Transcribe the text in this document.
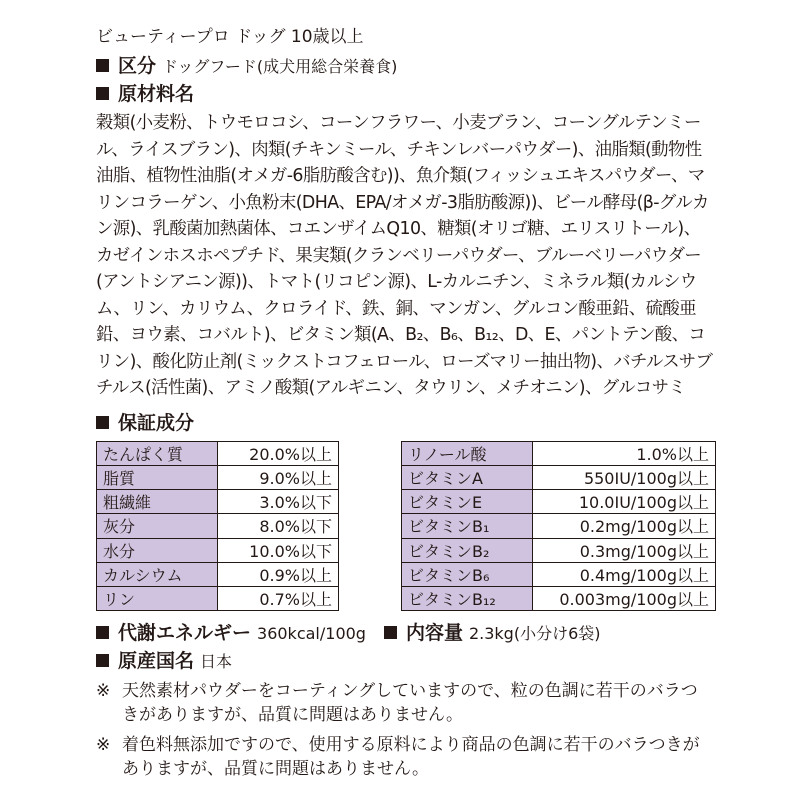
ビューティープロ ドッグ 10歳以上
区分 ドッグフード(成犬用総合栄養食)
原材料名
穀類(小麦粉、トウモロコシ、コーンフラワー、小麦ブラン、コーングルテンミール、ライスブラン)、肉類(チキンミール、チキンレバーパウダー)、油脂類(動物性油脂、植物性油脂(オメガ-6脂肪酸含む))、魚介類(フィッシュエキスパウダー、マリンコラーゲン、小魚粉末(DHA、EPA/オメガ-3脂肪酸源))、ビール酵母(β-グルカン源)、乳酸菌加熱菌体、コエンザイムQ10、糖類(オリゴ糖、エリスリトール)、カゼインホスホペプチド、果実類(クランベリーパウダー、ブルーベリーパウダー(アントシアニン源))、トマト(リコピン源)、L-カルニチン、ミネラル類(カルシウム、リン、カリウム、クロライド、鉄、銅、マンガン、グルコン酸亜鉛、硫酸亜鉛、ヨウ素、コバルト)、ビタミン類(A、B₂、B₆、B₁₂、D、E、パントテン酸、コリン)、酸化防止剤(ミックストコフェロール、ローズマリー抽出物)、バチルスサブチルス(活性菌)、アミノ酸類(アルギニン、タウリン、メチオニン)、グルコサミ
保証成分
たんぱく質	20.0%以上
脂質	9.0%以上
粗繊維	3.0%以下
灰分	8.0%以下
水分	10.0%以下
カルシウム	0.9%以上
リン	0.7%以上
リノール酸	1.0%以上
ビタミンA	550IU/100g以上
ビタミンE	10.0IU/100g以上
ビタミンB₁	0.2mg/100g以上
ビタミンB₂	0.3mg/100g以上
ビタミンB₆	0.4mg/100g以上
ビタミンB₁₂	0.003mg/100g以上
代謝エネルギー 360kcal/100g	内容量 2.3kg(小分け6袋)
原産国名 日本
※ 天然素材パウダーをコーティングしていますので、粒の色調に若干のバラつきがありますが、品質に問題はありません。
※ 着色料無添加ですので、使用する原料により商品の色調に若干のバラつきがありますが、品質に問題はありません。
